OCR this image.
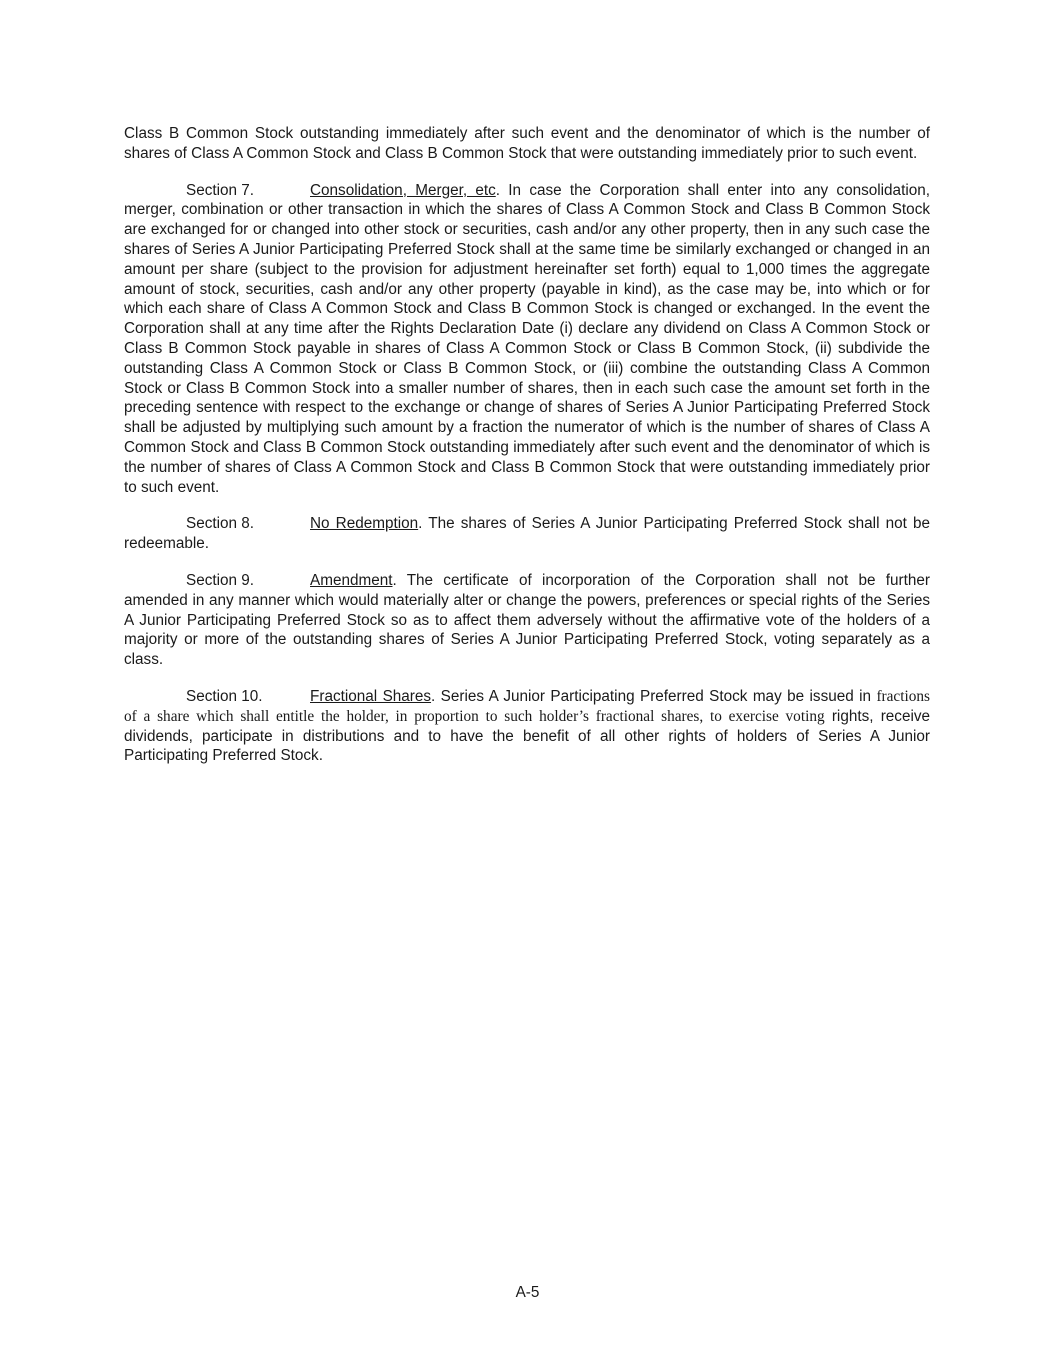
Class B Common Stock outstanding immediately after such event and the denominator of which is the number of shares of Class A Common Stock and Class B Common Stock that were outstanding immediately prior to such event.

Section 7.	Consolidation, Merger, etc. In case the Corporation shall enter into any consolidation, merger, combination or other transaction in which the shares of Class A Common Stock and Class B Common Stock are exchanged for or changed into other stock or securities, cash and/or any other property, then in any such case the shares of Series A Junior Participating Preferred Stock shall at the same time be similarly exchanged or changed in an amount per share (subject to the provision for adjustment hereinafter set forth) equal to 1,000 times the aggregate amount of stock, securities, cash and/or any other property (payable in kind), as the case may be, into which or for which each share of Class A Common Stock and Class B Common Stock is changed or exchanged. In the event the Corporation shall at any time after the Rights Declaration Date (i) declare any dividend on Class A Common Stock or Class B Common Stock payable in shares of Class A Common Stock or Class B Common Stock, (ii) subdivide the outstanding Class A Common Stock or Class B Common Stock, or (iii) combine the outstanding Class A Common Stock or Class B Common Stock into a smaller number of shares, then in each such case the amount set forth in the preceding sentence with respect to the exchange or change of shares of Series A Junior Participating Preferred Stock shall be adjusted by multiplying such amount by a fraction the numerator of which is the number of shares of Class A Common Stock and Class B Common Stock outstanding immediately after such event and the denominator of which is the number of shares of Class A Common Stock and Class B Common Stock that were outstanding immediately prior to such event.

Section 8.	No Redemption. The shares of Series A Junior Participating Preferred Stock shall not be redeemable.

Section 9.	Amendment. The certificate of incorporation of the Corporation shall not be further amended in any manner which would materially alter or change the powers, preferences or special rights of the Series A Junior Participating Preferred Stock so as to affect them adversely without the affirmative vote of the holders of a majority or more of the outstanding shares of Series A Junior Participating Preferred Stock, voting separately as a class.

Section 10.	Fractional Shares. Series A Junior Participating Preferred Stock may be issued in fractions of a share which shall entitle the holder, in proportion to such holder’s fractional shares, to exercise voting rights, receive dividends, participate in distributions and to have the benefit of all other rights of holders of Series A Junior Participating Preferred Stock.

A-5
